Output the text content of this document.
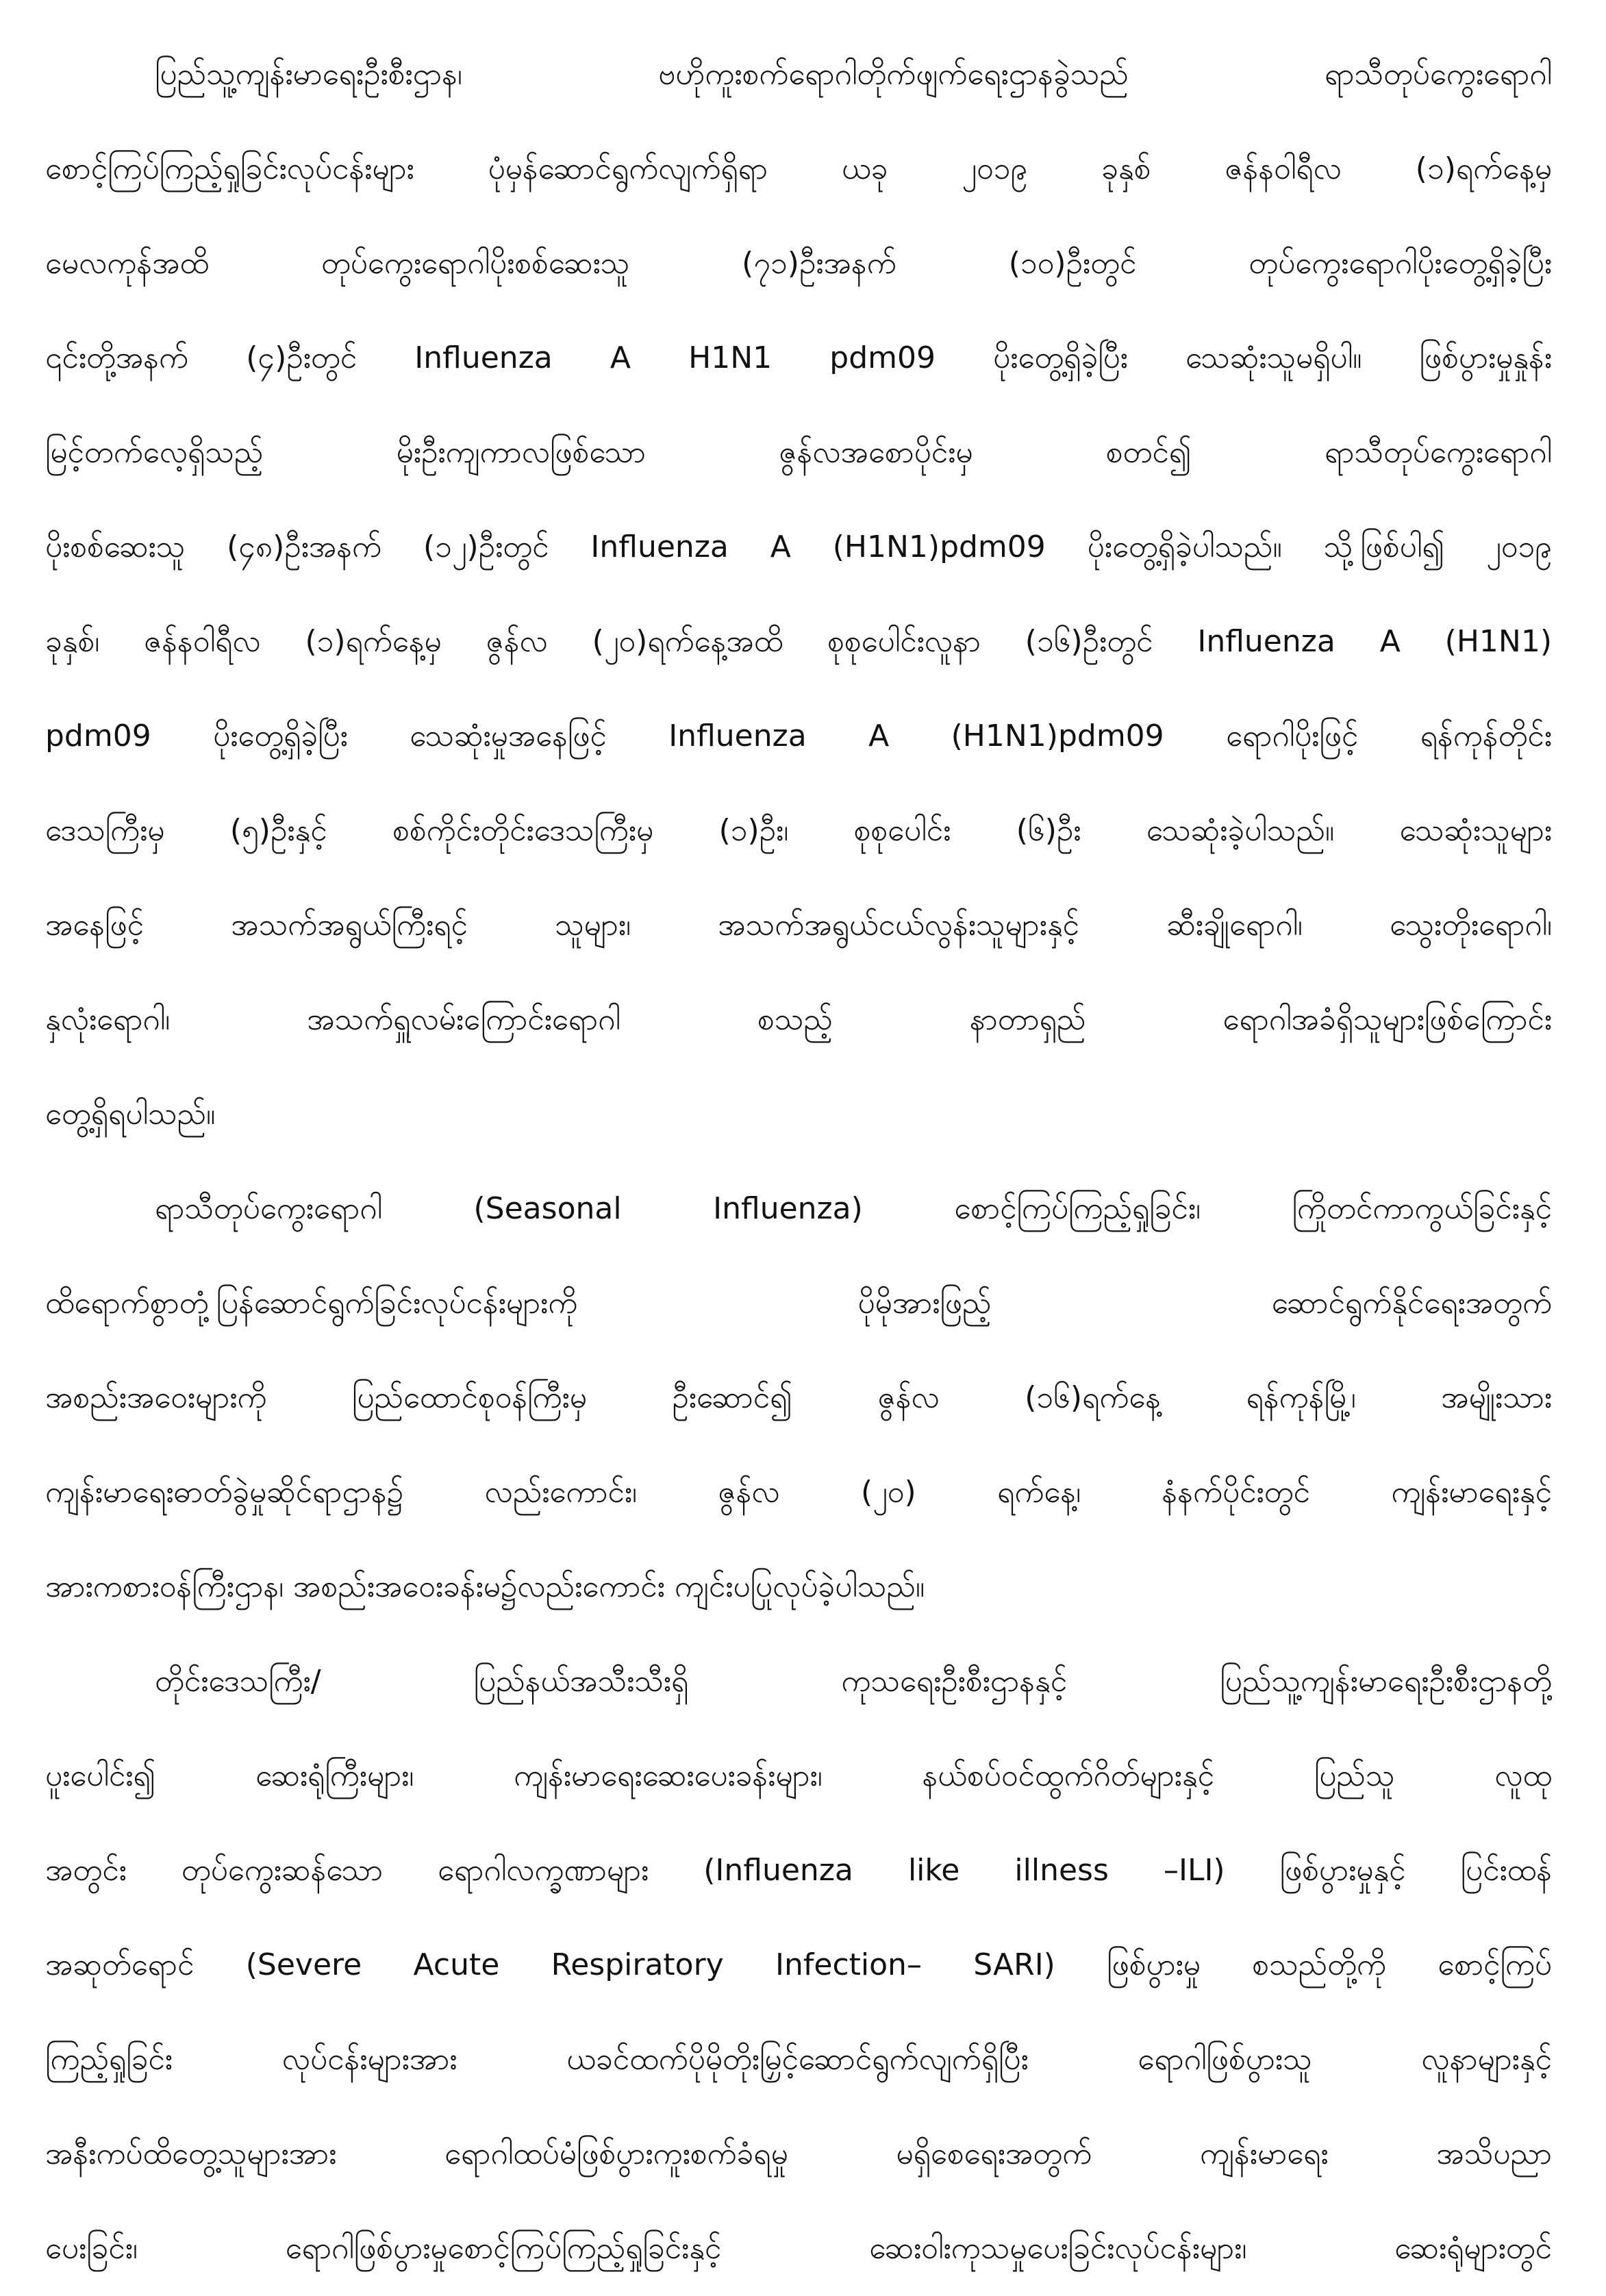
ပြည်သူ့ကျန်းမာရေးဦးစီးဌာန၊ ဗဟိုကူးစက်ရောဂါတိုက်ဖျက်ရေးဌာနခွဲသည် ရာသီတုပ်ကွေးရောဂါ
စောင့်ကြပ်ကြည့်ရှုခြင်းလုပ်ငန်းများ ပုံမှန်ဆောင်ရွက်လျက်ရှိရာ ယခု ၂၀၁၉ ခုနှစ် ဇန်နဝါရီလ (၁)ရက်နေ့မှ
မေလကုန်အထိ တုပ်ကွေးရောဂါပိုးစစ်ဆေးသူ (၇၁)ဦးအနက် (၁၀)ဦးတွင် တုပ်ကွေးရောဂါပိုးတွေ့ရှိခဲ့ပြီး
၎င်းတို့အနက် (၄)ဦးတွင် Influenza A H1N1 pdm09 ပိုးတွေ့ရှိခဲ့ပြီး သေဆုံးသူမရှိပါ။ ဖြစ်ပွားမှုနှုန်း
မြင့်တက်လေ့ရှိသည့် မိုးဦးကျကာလဖြစ်သော ဇွန်လအစောပိုင်းမှ စတင်၍ ရာသီတုပ်ကွေးရောဂါ
ပိုးစစ်ဆေးသူ (၄၈)ဦးအနက် (၁၂)ဦးတွင် Influenza A (H1N1)pdm09 ပိုးတွေ့ရှိခဲ့ပါသည်။ သို့ဖြစ်ပါ၍ ၂၀၁၉
ခုနှစ်၊ ဇန်နဝါရီလ (၁)ရက်နေ့မှ ဇွန်လ (၂၀)ရက်နေ့အထိ စုစုပေါင်းလူနာ (၁၆)ဦးတွင် Influenza A (H1N1)
pdm09 ပိုးတွေ့ရှိခဲ့ပြီး သေဆုံးမှုအနေဖြင့် Influenza A (H1N1)pdm09 ရောဂါပိုးဖြင့် ရန်ကုန်တိုင်း
ဒေသကြီးမှ (၅)ဦးနှင့် စစ်ကိုင်းတိုင်းဒေသကြီးမှ (၁)ဦး၊ စုစုပေါင်း (၆)ဦး သေဆုံးခဲ့ပါသည်။ သေဆုံးသူများ
အနေဖြင့် အသက်အရွယ်ကြီးရင့် သူများ၊ အသက်အရွယ်ငယ်လွန်းသူများနှင့် ဆီးချိုရောဂါ၊ သွေးတိုးရောဂါ၊
နှလုံးရောဂါ၊ အသက်ရှူလမ်းကြောင်းရောဂါ စသည့် နာတာရှည် ရောဂါအခံရှိသူများဖြစ်ကြောင်း
တွေ့ရှိရပါသည်။

ရာသီတုပ်ကွေးရောဂါ (Seasonal Influenza) စောင့်ကြပ်ကြည့်ရှုခြင်း၊ ကြိုတင်ကာကွယ်ခြင်းနှင့်
ထိရောက်စွာတုံ့ပြန်ဆောင်ရွက်ခြင်းလုပ်ငန်းများကို ပိုမိုအားဖြည့် ဆောင်ရွက်နိုင်ရေးအတွက်
အစည်းအဝေးများကို ပြည်ထောင်စုဝန်ကြီးမှ ဦးဆောင်၍ ဇွန်လ (၁၆)ရက်နေ့ ရန်ကုန်မြို့၊ အမျိုးသား
ကျန်းမာရေးဓာတ်ခွဲမှုဆိုင်ရာဌာန၌ လည်းကောင်း၊ ဇွန်လ (၂၀) ရက်နေ့၊ နံနက်ပိုင်းတွင် ကျန်းမာရေးနှင့်
အားကစားဝန်ကြီးဌာန၊ အစည်းအဝေးခန်းမ၌လည်းကောင်း ကျင်းပပြုလုပ်ခဲ့ပါသည်။

တိုင်းဒေသကြီး/ ပြည်နယ်အသီးသီးရှိ ကုသရေးဦးစီးဌာနနှင့် ပြည်သူ့ကျန်းမာရေးဦးစီးဌာနတို့
ပူးပေါင်း၍ ဆေးရုံကြီးများ၊ ကျန်းမာရေးဆေးပေးခန်းများ၊ နယ်စပ်ဝင်ထွက်ဂိတ်များနှင့် ပြည်သူ လူထု
အတွင်း တုပ်ကွေးဆန်သော ရောဂါလက္ခဏာများ (Influenza like illness –ILI) ဖြစ်ပွားမှုနှင့် ပြင်းထန်
အဆုတ်ရောင် (Severe Acute Respiratory Infection– SARI) ဖြစ်ပွားမှု စသည်တို့ကို စောင့်ကြပ်
ကြည့်ရှုခြင်း လုပ်ငန်းများအား ယခင်ထက်ပိုမိုတိုးမြှင့်ဆောင်ရွက်လျက်ရှိပြီး ရောဂါဖြစ်ပွားသူ လူနာများနှင့်
အနီးကပ်ထိတွေ့သူများအား ရောဂါထပ်မံဖြစ်ပွားကူးစက်ခံရမှု မရှိစေရေးအတွက် ကျန်းမာရေး အသိပညာ
ပေးခြင်း၊ ရောဂါဖြစ်ပွားမှုစောင့်ကြပ်ကြည့်ရှုခြင်းနှင့် ဆေးဝါးကုသမှုပေးခြင်းလုပ်ငန်းများ၊ ဆေးရုံများတွင်
